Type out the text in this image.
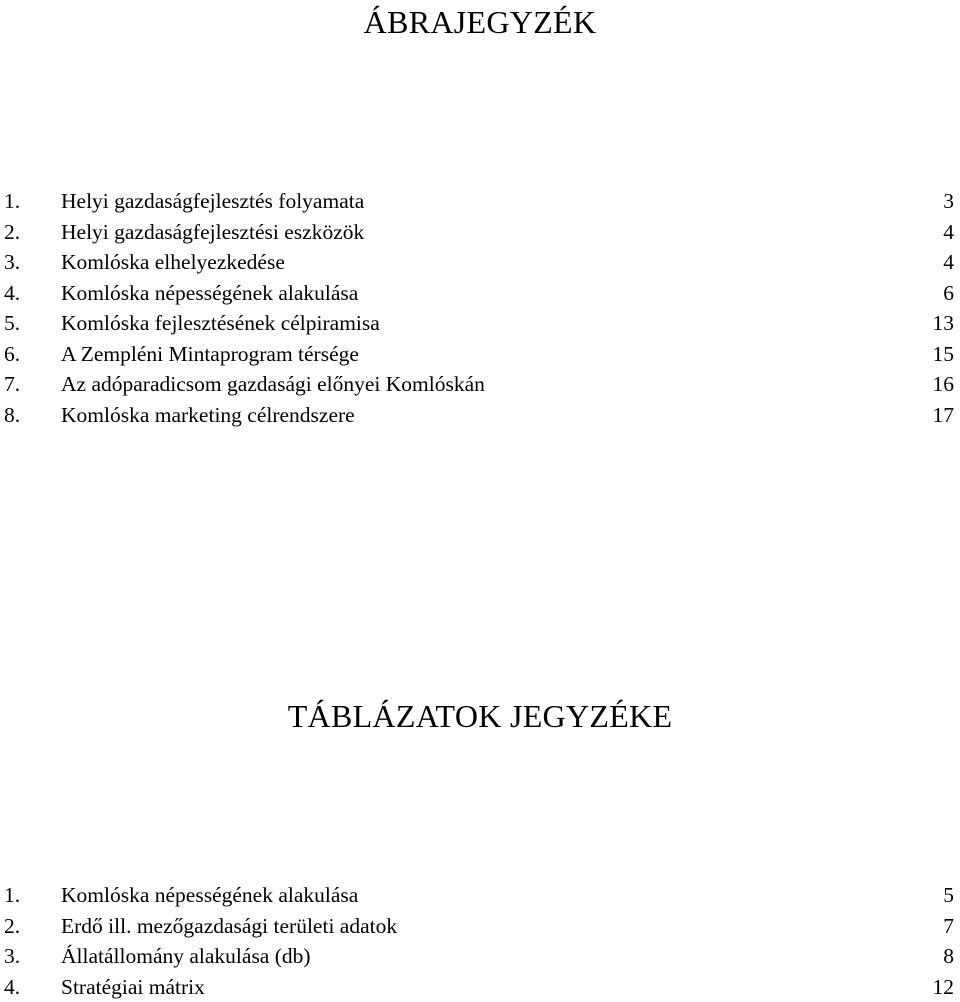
ÁBRAJEGYZÉK
1. Helyi gazdaságfejlesztés folyamata	3
2. Helyi gazdaságfejlesztési eszközök	4
3. Komlóska elhelyezkedése	4
4. Komlóska népességének alakulása	6
5. Komlóska fejlesztésének célpiramisa	13
6. A Zempléni Mintaprogram térsége	15
7. Az adóparadicsom gazdasági előnyei Komlóskán	16
8. Komlóska marketing célrendszere	17
TÁBLÁZATOK JEGYZÉKE
1. Komlóska népességének alakulása	5
2. Erdő ill. mezőgazdasági területi adatok	7
3. Állatállomány alakulása (db)	8
4. Stratégiai mátrix	12
